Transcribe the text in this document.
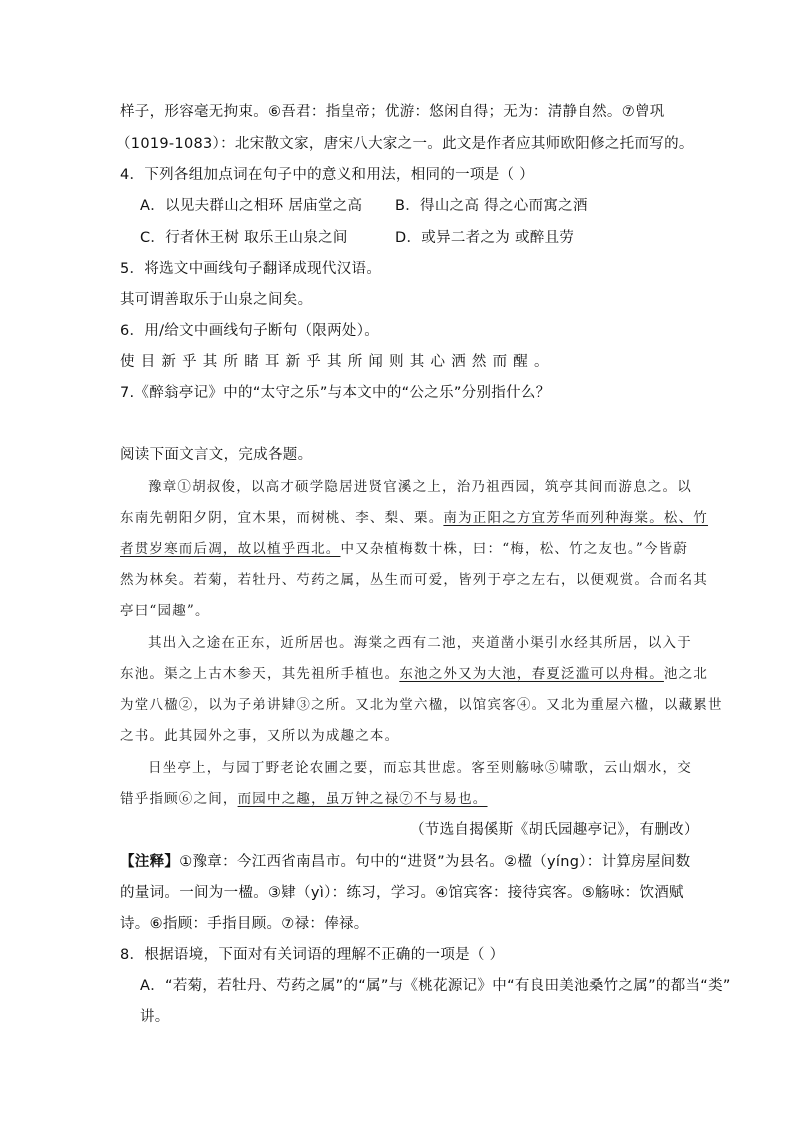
样子，形容毫无拘束。⑥吾君：指皇帝；优游：悠闲自得；无为：清静自然。⑦曾巩
（1019-1083）：北宋散文家，唐宋八大家之一。此文是作者应其师欧阳修之托而写的。
4．下列各组加点词在句子中的意义和用法，相同的一项是（ ）
A．以见夫群山之相环 居庙堂之高 B．得山之高 得之心而寓之酒
C．行者休王树 取乐王山泉之间	D．或异二者之为 或醉且劳
5．将选文中画线句子翻译成现代汉语。
其可谓善取乐于山泉之间矣。
6．用/给文中画线句子断句（限两处）。
使目新乎其所睹耳新乎其所闻则其心洒然而醒。
7.《醉翁亭记》中的“太守之乐”与本文中的“公之乐”分别指什么？
阅读下面文言文，完成各题。
豫章①胡叔俊，以高才硕学隐居进贤官溪之上，治乃祖西园，筑亭其间而游息之。以
东南先朝阳夕阴，宜木果，而树桃、李、梨、栗。南为正阳之方宜芳华而列种海棠。松、竹
者贯岁寒而后凋，故以植乎西北。中又杂植梅数十株，曰：“梅，松、竹之友也。”今皆蔚
然为林矣。若菊，若牡丹、芍药之属，丛生而可爱，皆列于亭之左右，以便观赏。合而名其
亭曰“园趣”。
其出入之途在正东，近所居也。海棠之西有二池，夹道凿小渠引水经其所居，以入于
东池。渠之上古木参天，其先祖所手植也。东池之外又为大池，春夏泛滥可以舟楫。池之北
为堂八楹②，以为子弟讲肄③之所。又北为堂六楹，以馆宾客④。又北为重屋六楹，以藏累世
之书。此其园外之事，又所以为成趣之本。
日坐亭上，与园丁野老论农圃之要，而忘其世虑。客至则觞咏⑤啸歌，云山烟水，交
错乎指顾⑥之间，而园中之趣，虽万钟之禄⑦不与易也。
（节选自揭傒斯《胡氏园趣亭记》，有删改）
【注释】①豫章：今江西省南昌市。句中的“进贤”为县名。②楹（yíng）：计算房屋间数
的量词。一间为一楹。③肄（yì）：练习，学习。④馆宾客：接待宾客。⑤觞咏：饮酒赋
诗。⑥指顾：手指目顾。⑦禄：俸禄。
8．根据语境，下面对有关词语的理解不正确的一项是（ ）
A．“若菊，若牡丹、芍药之属”的“属”与《桃花源记》中“有良田美池桑竹之属”的都当“类”
讲。
